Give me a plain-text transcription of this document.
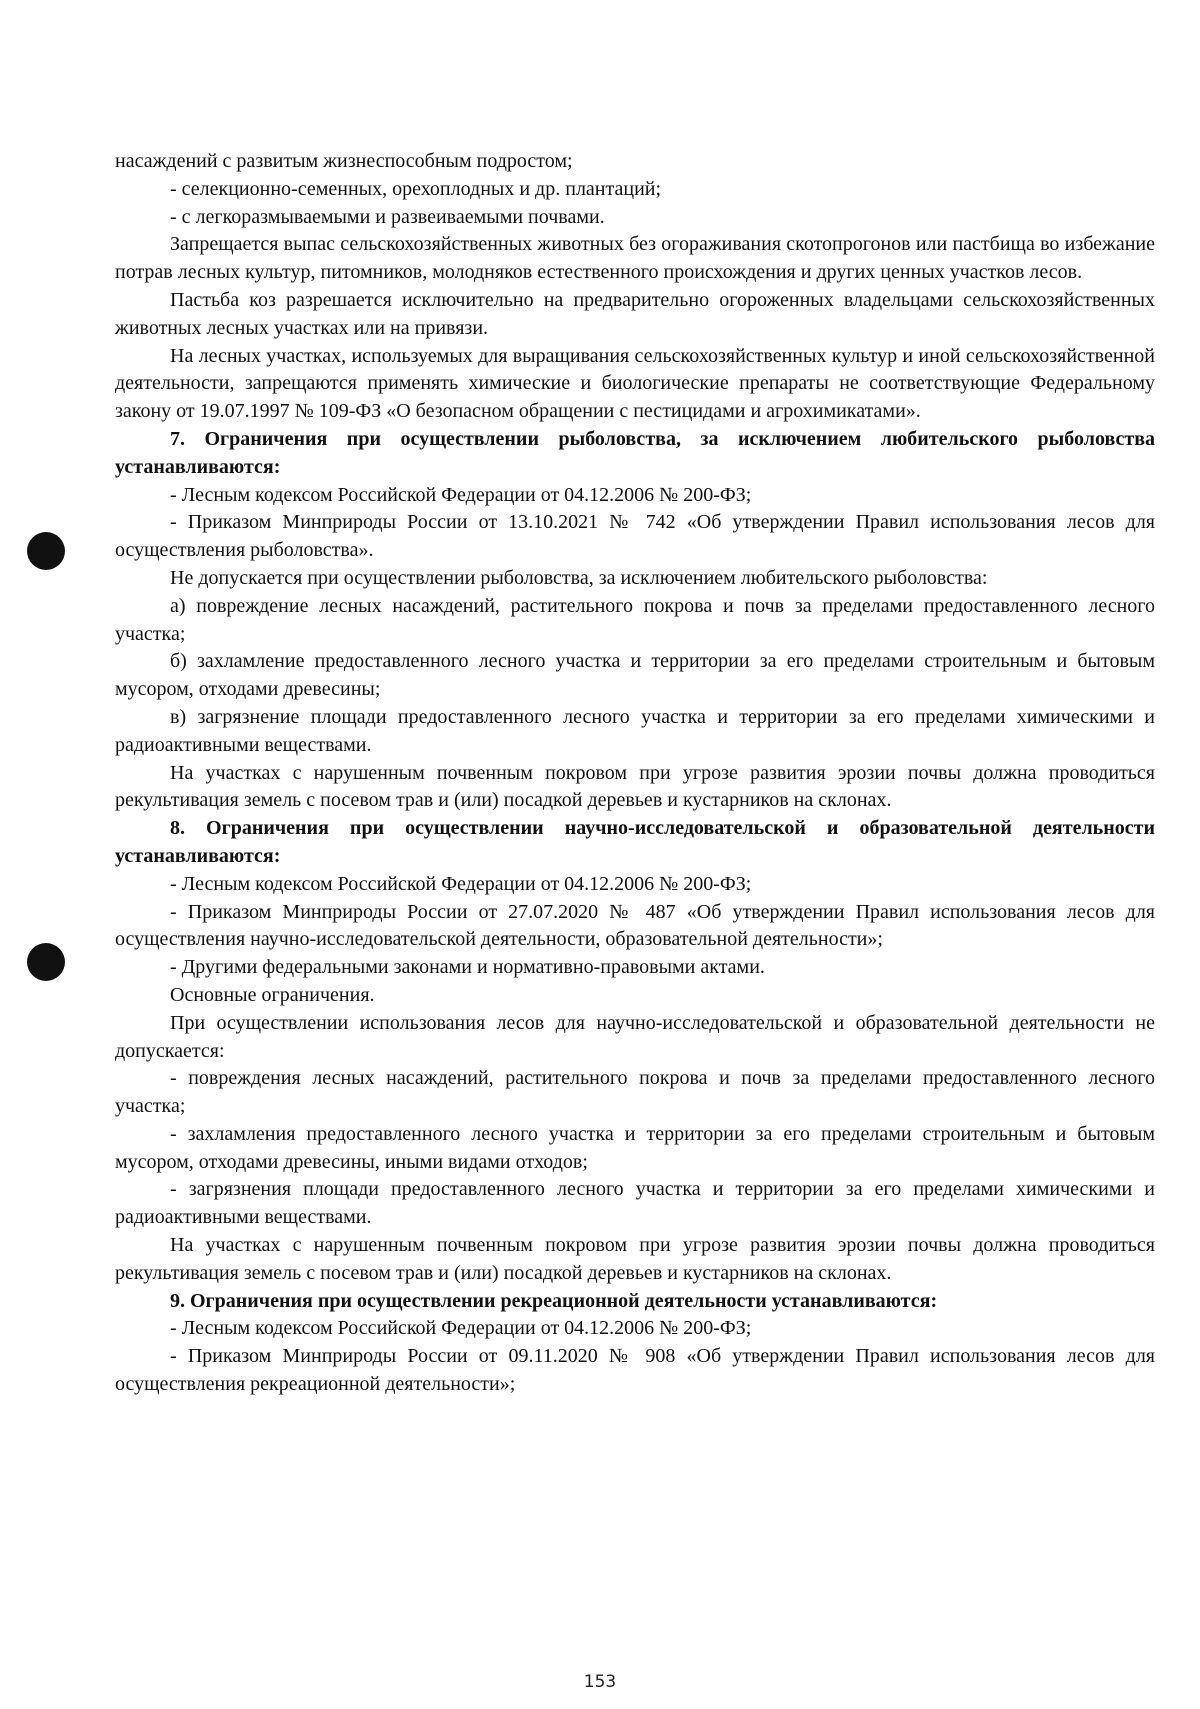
насаждений с развитым жизнеспособным подростом;

- селекционно-семенных, орехоплодных и др. плантаций;

- с легкоразмываемыми и развеиваемыми почвами.

Запрещается выпас сельскохозяйственных животных без огораживания скотопрогонов или пастбища во избежание потрав лесных культур, питомников, молодняков естественного происхождения и других ценных участков лесов.

Пастьба коз разрешается исключительно на предварительно огороженных владельцами сельскохозяйственных животных лесных участках или на привязи.

На лесных участках, используемых для выращивания сельскохозяйственных культур и иной сельскохозяйственной деятельности, запрещаются применять химические и биологические препараты не соответствующие Федеральному закону от 19.07.1997 № 109-ФЗ «О безопасном обращении с пестицидами и агрохимикатами».

7. Ограничения при осуществлении рыболовства, за исключением любительского рыболовства устанавливаются:

- Лесным кодексом Российской Федерации от 04.12.2006 № 200-ФЗ;

- Приказом Минприроды России от 13.10.2021 № 742 «Об утверждении Правил использования лесов для осуществления рыболовства».

Не допускается при осуществлении рыболовства, за исключением любительского рыболовства:

а) повреждение лесных насаждений, растительного покрова и почв за пределами предоставленного лесного участка;

б) захламление предоставленного лесного участка и территории за его пределами строительным и бытовым мусором, отходами древесины;

в) загрязнение площади предоставленного лесного участка и территории за его пределами химическими и радиоактивными веществами.

На участках с нарушенным почвенным покровом при угрозе развития эрозии почвы должна проводиться рекультивация земель с посевом трав и (или) посадкой деревьев и кустарников на склонах.

8. Ограничения при осуществлении научно-исследовательской и образовательной деятельности устанавливаются:

- Лесным кодексом Российской Федерации от 04.12.2006 № 200-ФЗ;

- Приказом Минприроды России от 27.07.2020 № 487 «Об утверждении Правил использования лесов для осуществления научно-исследовательской деятельности, образовательной деятельности»;

- Другими федеральными законами и нормативно-правовыми актами.

Основные ограничения.

При осуществлении использования лесов для научно-исследовательской и образовательной деятельности не допускается:

- повреждения лесных насаждений, растительного покрова и почв за пределами предоставленного лесного участка;

- захламления предоставленного лесного участка и территории за его пределами строительным и бытовым мусором, отходами древесины, иными видами отходов;

- загрязнения площади предоставленного лесного участка и территории за его пределами химическими и радиоактивными веществами.

На участках с нарушенным почвенным покровом при угрозе развития эрозии почвы должна проводиться рекультивация земель с посевом трав и (или) посадкой деревьев и кустарников на склонах.

9. Ограничения при осуществлении рекреационной деятельности устанавливаются:

- Лесным кодексом Российской Федерации от 04.12.2006 № 200-ФЗ;

- Приказом Минприроды России от 09.11.2020 № 908 «Об утверждении Правил использования лесов для осуществления рекреационной деятельности»;

153
